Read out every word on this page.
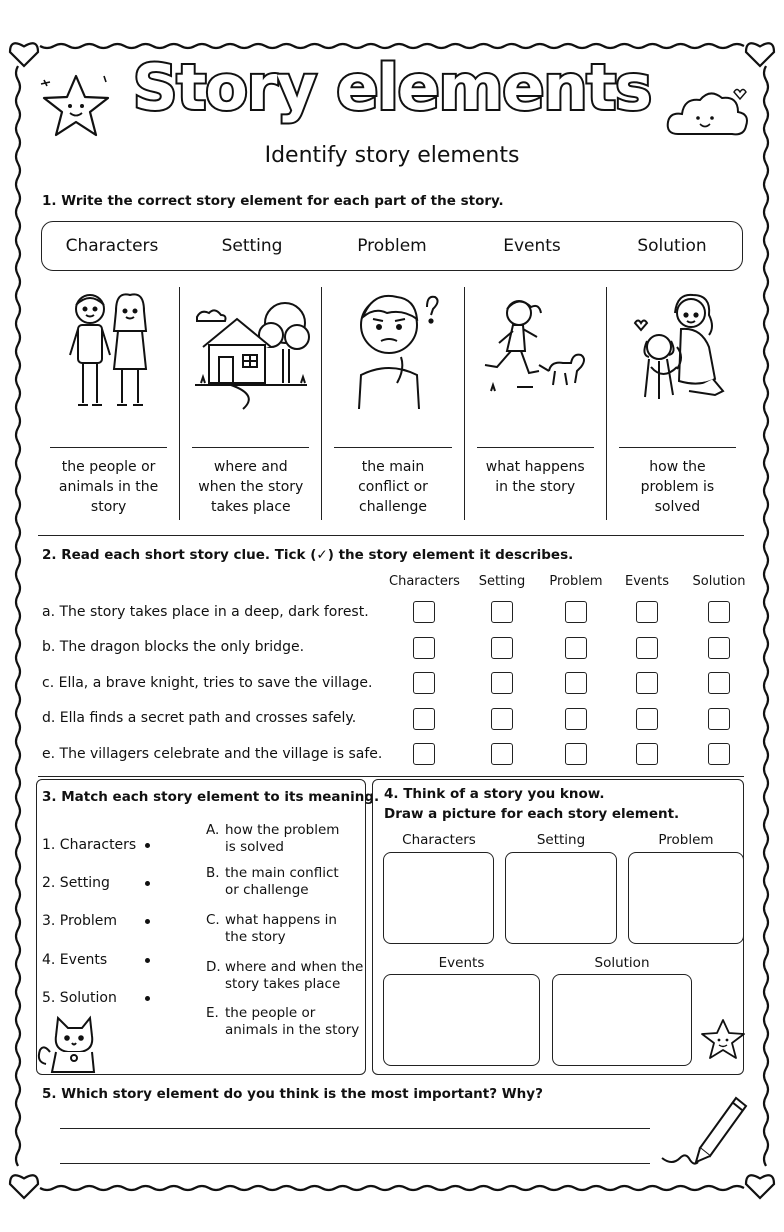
Story elements
Identify story elements
1. Write the correct story element for each part of the story.
Characters	Setting	Problem	Events	Solution
the people or
animals in the
story
where and
when the story
takes place
the main
conflict or
challenge
what happens
in the story
how the
problem is
solved
2. Read each short story clue. Tick (✓) the story element it describes.
Characters	Setting	Problem	Events	Solution
a. The story takes place in a deep, dark forest.
b. The dragon blocks the only bridge.
c. Ella, a brave knight, tries to save the village.
d. Ella finds a secret path and crosses safely.
e. The villagers celebrate and the village is safe.
3. Match each story element to its meaning.
1. Characters
2. Setting
3. Problem
4. Events
5. Solution
A. how the problem
is solved
B. the main conflict
or challenge
C. what happens in
the story
D. where and when the
story takes place
E. the people or
animals in the story
4. Think of a story you know.
Draw a picture for each story element.
Characters	Setting	Problem
Events	Solution
5. Which story element do you think is the most important? Why?
